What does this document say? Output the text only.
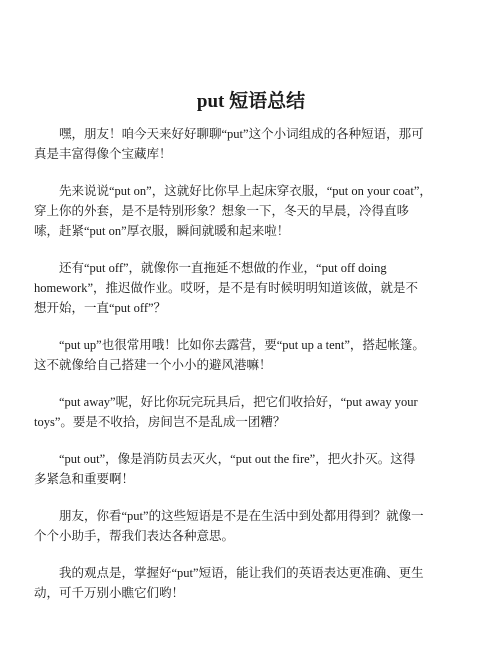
put 短语总结

嘿，朋友！咱今天来好好聊聊“put”这个小词组成的各种短语，那可
真是丰富得像个宝藏库！

先来说说“put on”，这就好比你早上起床穿衣服，“put on your coat”，
穿上你的外套，是不是特别形象？想象一下，冬天的早晨，冷得直哆
嗦，赶紧“put on”厚衣服，瞬间就暖和起来啦！

还有“put off”，就像你一直拖延不想做的作业，“put off doing
homework”，推迟做作业。哎呀，是不是有时候明明知道该做，就是不
想开始，一直“put off”？

“put up”也很常用哦！比如你去露营，要“put up a tent”，搭起帐篷。
这不就像给自己搭建一个小小的避风港嘛！

“put away”呢，好比你玩完玩具后，把它们收拾好，“put away your
toys”。要是不收拾，房间岂不是乱成一团糟？

“put out”，像是消防员去灭火，“put out the fire”，把火扑灭。这得
多紧急和重要啊！

朋友，你看“put”的这些短语是不是在生活中到处都用得到？就像一
个个小助手，帮我们表达各种意思。

我的观点是，掌握好“put”短语，能让我们的英语表达更准确、更生
动，可千万别小瞧它们哟！
